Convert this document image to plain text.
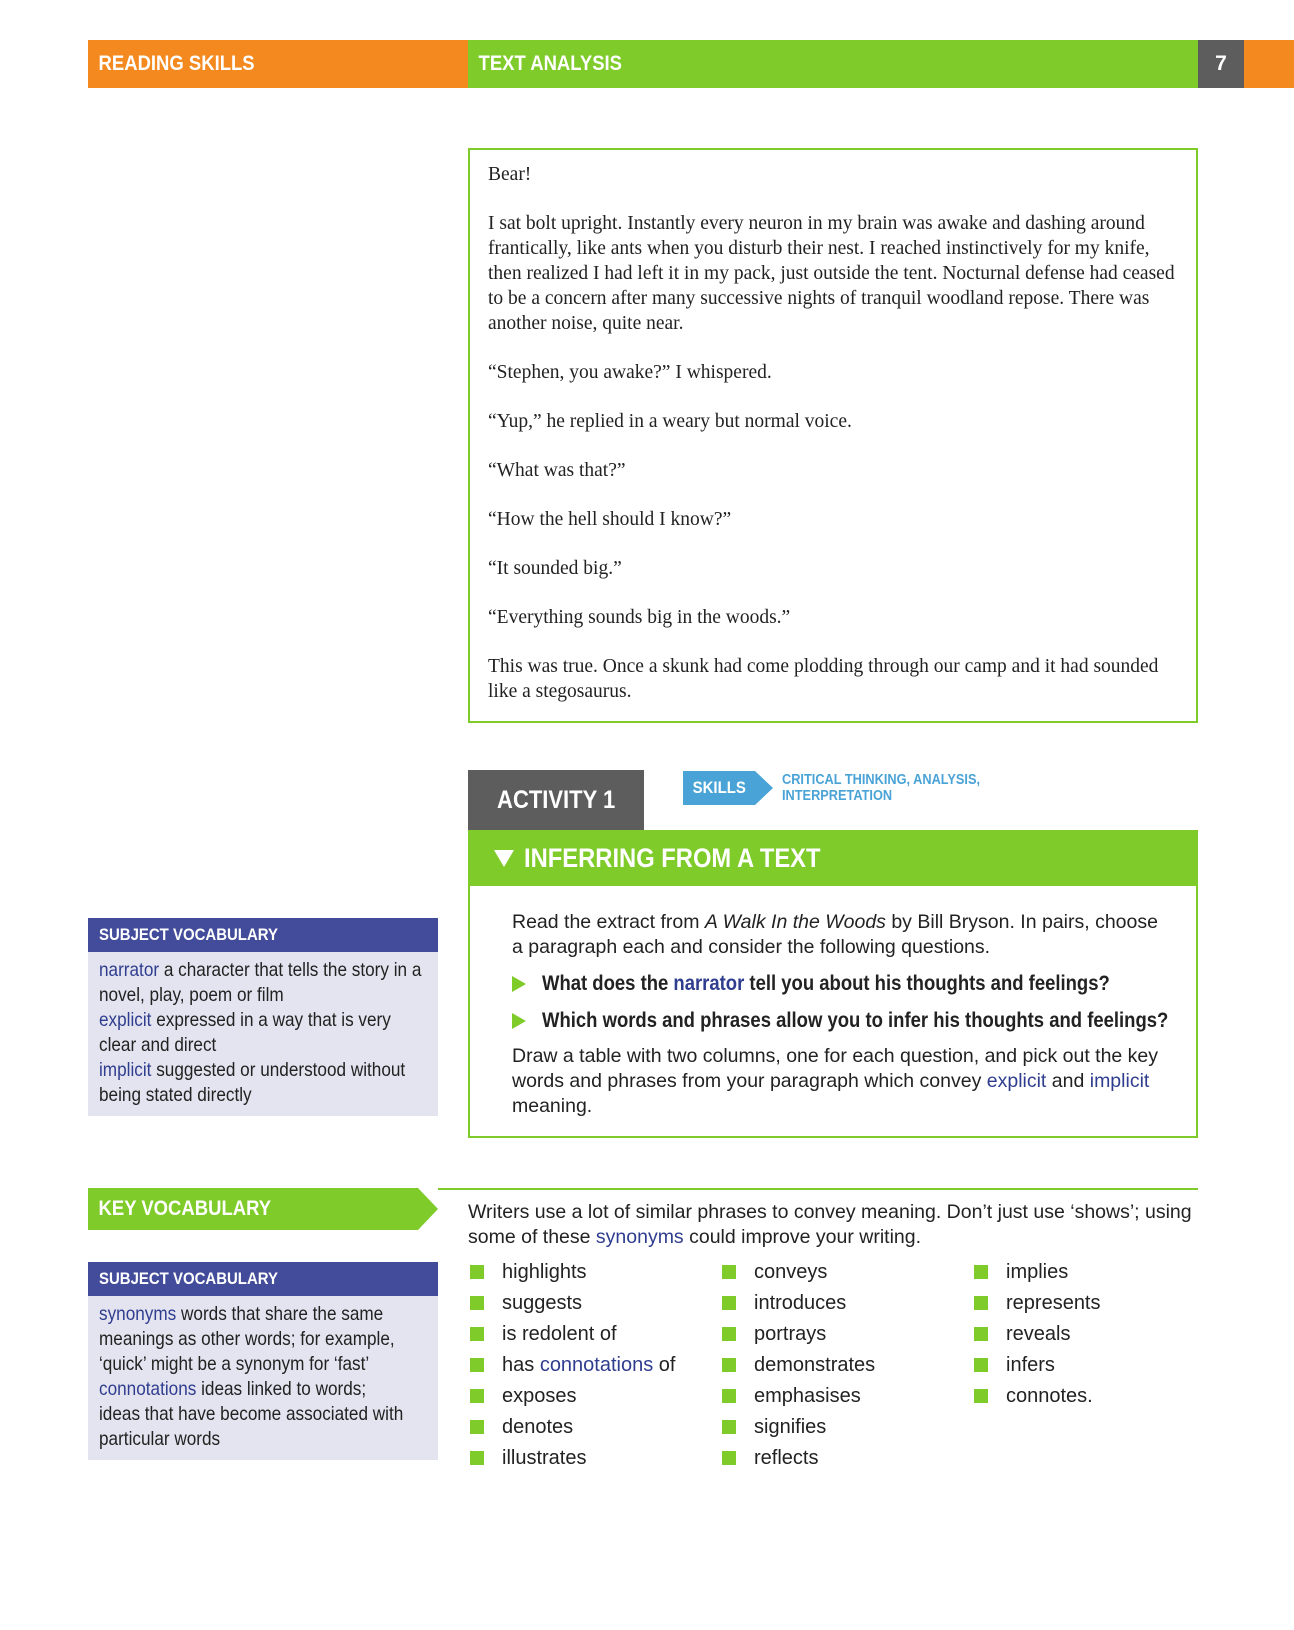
READING SKILLS	TEXT ANALYSIS	7

Bear!

I sat bolt upright. Instantly every neuron in my brain was awake and dashing around frantically, like ants when you disturb their nest. I reached instinctively for my knife, then realized I had left it in my pack, just outside the tent. Nocturnal defense had ceased to be a concern after many successive nights of tranquil woodland repose. There was another noise, quite near.

“Stephen, you awake?” I whispered.

“Yup,” he replied in a weary but normal voice.

“What was that?”

“How the hell should I know?”

“It sounded big.”

“Everything sounds big in the woods.”

This was true. Once a skunk had come plodding through our camp and it had sounded like a stegosaurus.

ACTIVITY 1	SKILLS	CRITICAL THINKING, ANALYSIS,
INTERPRETATION
INFERRING FROM A TEXT

Read the extract from A Walk In the Woods by Bill Bryson. In pairs, choose a paragraph each and consider the following questions.

What does the narrator tell you about his thoughts and feelings?
Which words and phrases allow you to infer his thoughts and feelings?

Draw a table with two columns, one for each question, and pick out the key words and phrases from your paragraph which convey explicit and implicit meaning.

SUBJECT VOCABULARY
narrator a character that tells the story in a
novel, play, poem or film
explicit expressed in a way that is very
clear and direct
implicit suggested or understood without
being stated directly
KEY VOCABULARY	Writers use a lot of similar phrases to convey meaning. Don’t just use ‘shows’; using some of these synonyms could improve your writing.
highlights
suggests
is redolent of
has connotations of
exposes
denotes
illustrates
conveys
introduces
portrays
demonstrates
emphasises
signifies
reflects
implies
represents
reveals
infers
connotes.
SUBJECT VOCABULARY
synonyms words that share the same
meanings as other words; for example,
‘quick’ might be a synonym for ‘fast’
connotations ideas linked to words;
ideas that have become associated with
particular words
